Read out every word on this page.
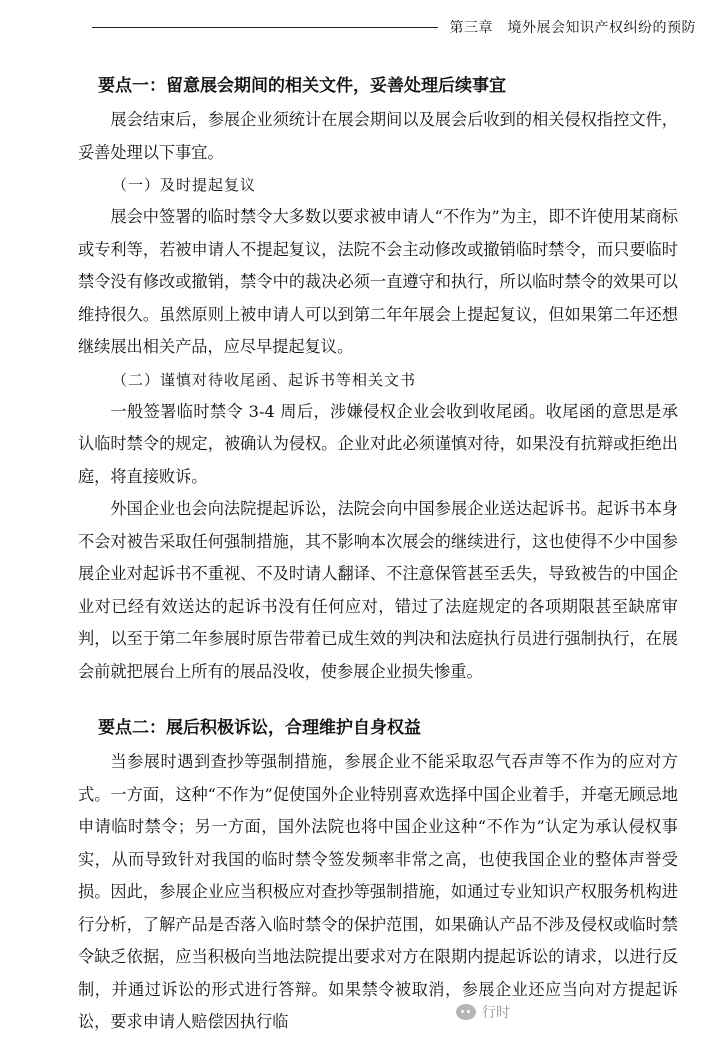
第三章　境外展会知识产权纠纷的预防
要点一：留意展会期间的相关文件，妥善处理后续事宜

展会结束后，参展企业须统计在展会期间以及展会后收到的相关侵权指控文件，妥善处理以下事宜。

（一）及时提起复议

展会中签署的临时禁令大多数以要求被申请人“不作为”为主，即不许使用某商标或专利等，若被申请人不提起复议，法院不会主动修改或撤销临时禁令，而只要临时禁令没有修改或撤销，禁令中的裁决必须一直遵守和执行，所以临时禁令的效果可以维持很久。虽然原则上被申请人可以到第二年年展会上提起复议，但如果第二年还想继续展出相关产品，应尽早提起复议。

（二）谨慎对待收尾函、起诉书等相关文书

一般签署临时禁令 3-4 周后，涉嫌侵权企业会收到收尾函。收尾函的意思是承认临时禁令的规定，被确认为侵权。企业对此必须谨慎对待，如果没有抗辩或拒绝出庭，将直接败诉。

外国企业也会向法院提起诉讼，法院会向中国参展企业送达起诉书。起诉书本身不会对被告采取任何强制措施，其不影响本次展会的继续进行，这也使得不少中国参展企业对起诉书不重视、不及时请人翻译、不注意保管甚至丢失，导致被告的中国企业对已经有效送达的起诉书没有任何应对，错过了法庭规定的各项期限甚至缺席审判，以至于第二年参展时原告带着已成生效的判决和法庭执行员进行强制执行，在展会前就把展台上所有的展品没收，使参展企业损失惨重。

要点二：展后积极诉讼，合理维护自身权益

当参展时遇到查抄等强制措施，参展企业不能采取忍气吞声等不作为的应对方式。一方面，这种“不作为”促使国外企业特别喜欢选择中国企业着手，并毫无顾忌地申请临时禁令；另一方面，国外法院也将中国企业这种“不作为”认定为承认侵权事实，从而导致针对我国的临时禁令签发频率非常之高，也使我国企业的整体声誉受损。因此，参展企业应当积极应对查抄等强制措施，如通过专业知识产权服务机构进行分析，了解产品是否落入临时禁令的保护范围，如果确认产品不涉及侵权或临时禁令缺乏依据，应当积极向当地法院提出要求对方在限期内提起诉讼的请求，以进行反制，并通过诉讼的形式进行答辩。如果禁令被取消，参展企业还应当向对方提起诉讼，要求申请人赔偿因执行临	行时
